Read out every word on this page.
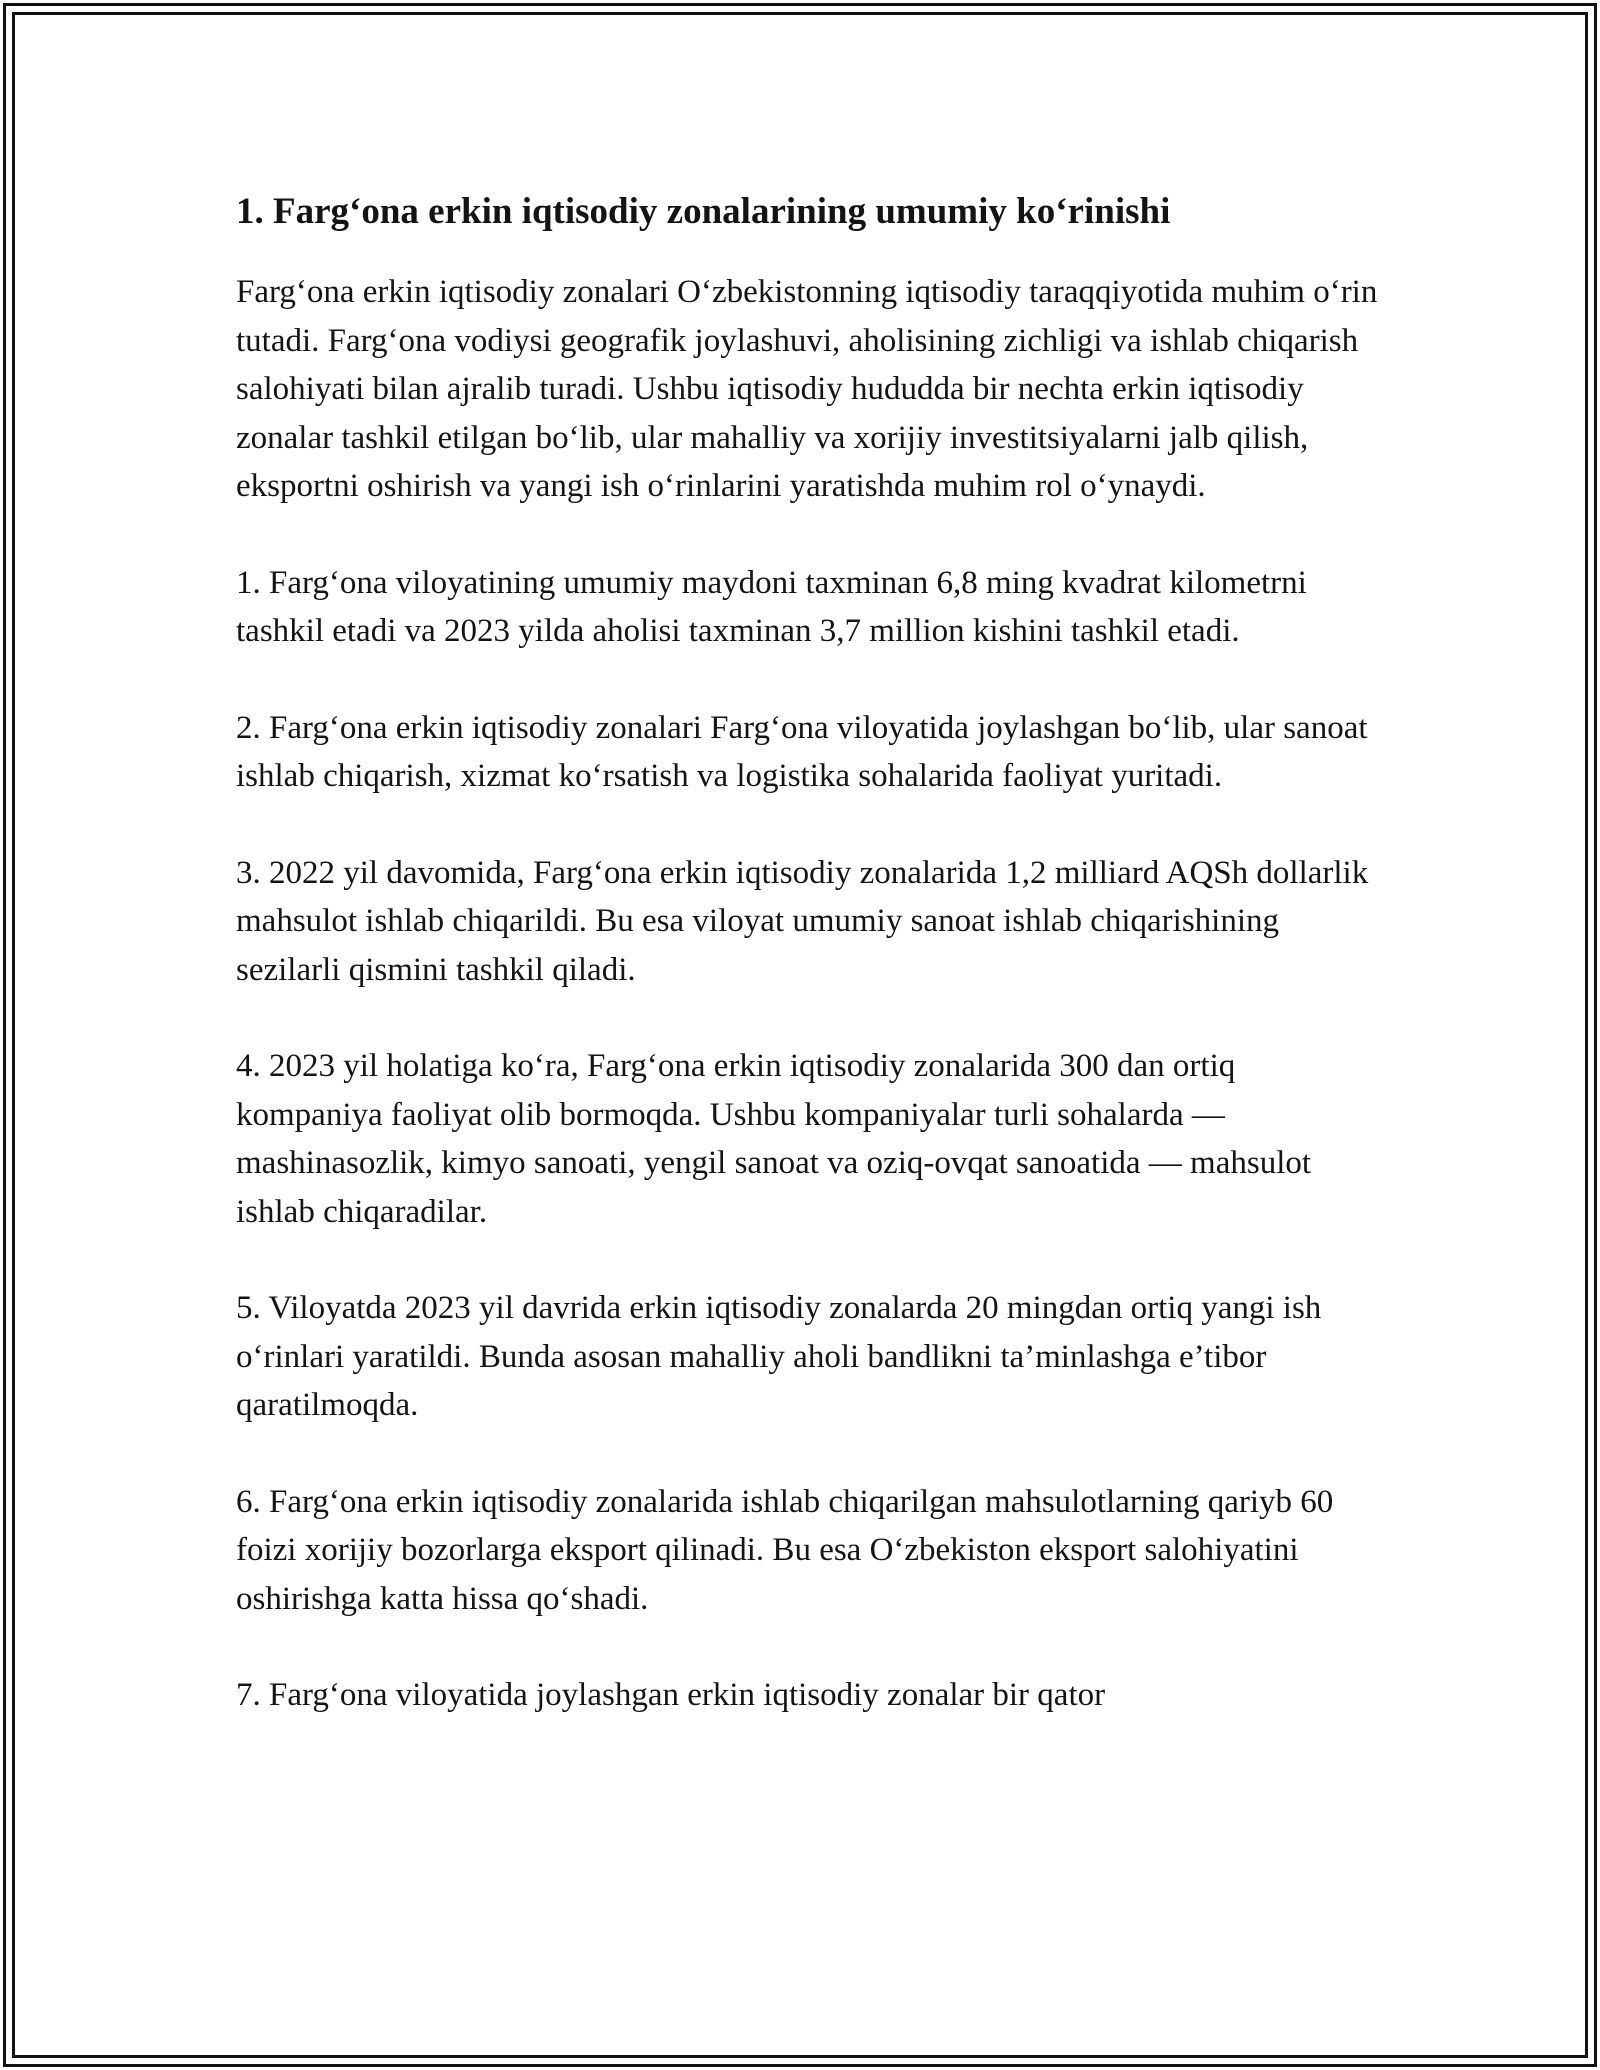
1. Farg‘ona erkin iqtisodiy zonalarining umumiy ko‘rinishi

Farg‘ona erkin iqtisodiy zonalari O‘zbekistonning iqtisodiy taraqqiyotida muhim o‘rin tutadi. Farg‘ona vodiysi geografik joylashuvi, aholisining zichligi va ishlab chiqarish salohiyati bilan ajralib turadi. Ushbu iqtisodiy hududda bir nechta erkin iqtisodiy zonalar tashkil etilgan bo‘lib, ular mahalliy va xorijiy investitsiyalarni jalb qilish, eksportni oshirish va yangi ish o‘rinlarini yaratishda muhim rol o‘ynaydi.

1. Farg‘ona viloyatining umumiy maydoni taxminan 6,8 ming kvadrat kilometrni tashkil etadi va 2023 yilda aholisi taxminan 3,7 million kishini tashkil etadi.

2. Farg‘ona erkin iqtisodiy zonalari Farg‘ona viloyatida joylashgan bo‘lib, ular sanoat ishlab chiqarish, xizmat ko‘rsatish va logistika sohalarida faoliyat yuritadi.

3. 2022 yil davomida, Farg‘ona erkin iqtisodiy zonalarida 1,2 milliard AQSh dollarlik mahsulot ishlab chiqarildi. Bu esa viloyat umumiy sanoat ishlab chiqarishining sezilarli qismini tashkil qiladi.

4. 2023 yil holatiga ko‘ra, Farg‘ona erkin iqtisodiy zonalarida 300 dan ortiq kompaniya faoliyat olib bormoqda. Ushbu kompaniyalar turli sohalarda — mashinasozlik, kimyo sanoati, yengil sanoat va oziq-ovqat sanoatida — mahsulot ishlab chiqaradilar.

5. Viloyatda 2023 yil davrida erkin iqtisodiy zonalarda 20 mingdan ortiq yangi ish o‘rinlari yaratildi. Bunda asosan mahalliy aholi bandlikni ta’minlashga e’tibor qaratilmoqda.

6. Farg‘ona erkin iqtisodiy zonalarida ishlab chiqarilgan mahsulotlarning qariyb 60 foizi xorijiy bozorlarga eksport qilinadi. Bu esa O‘zbekiston eksport salohiyatini oshirishga katta hissa qo‘shadi.

7. Farg‘ona viloyatida joylashgan erkin iqtisodiy zonalar bir qator
